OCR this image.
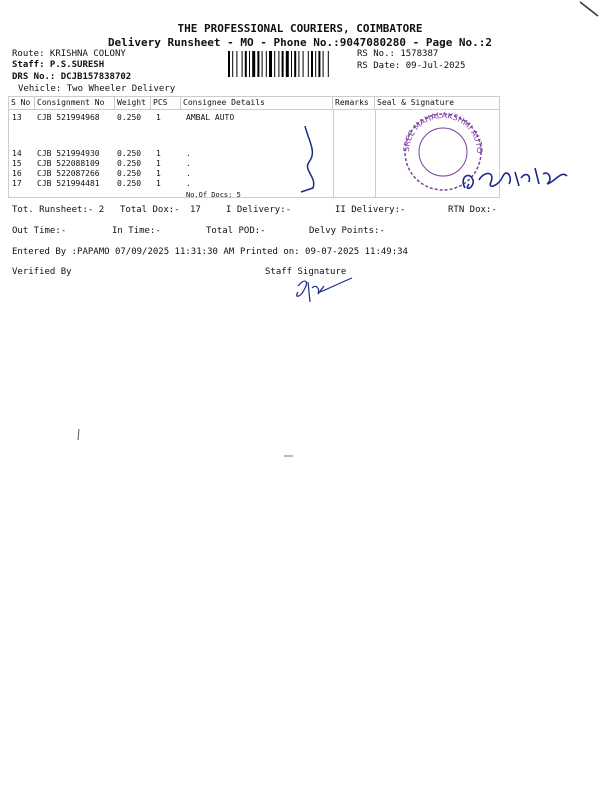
THE PROFESSIONAL COURIERS, COIMBATORE
Delivery Runsheet - MO - Phone No.:9047080280 - Page No.:2
Route: KRISHNA COLONY
Staff: P.S.SURESH
DRS No.: DCJB157838702
Vehicle: Two Wheeler Delivery
RS No.: 1578387
RS Date: 09-Jul-2025
S No Consignment No	Weight PCS	Consignee Details	Remarks	Seal & Signature
13 CJB 521994968 0.250 1	AMBAL AUTO
14 CJB 521994930 0.250 1	.
15 CJB 522088109 0.250 1	.
16 CJB 522087266 0.250 1	.
17 CJB 521994481 0.250 1	.
No.Of Docs: 5
SREE MAHALAKSHMI AUTO
Tot. Runsheet:- 2 Total Dox:- 17	I Delivery:-	II Delivery:-	RTN Dox:-
Out Time:-	In Time:-	Total POD:-	Delvy Points:-
Entered By :PAPAMO 07/09/2025 11:31:30 AM Printed on: 09-07-2025 11:49:34
Verified By	Staff Signature
